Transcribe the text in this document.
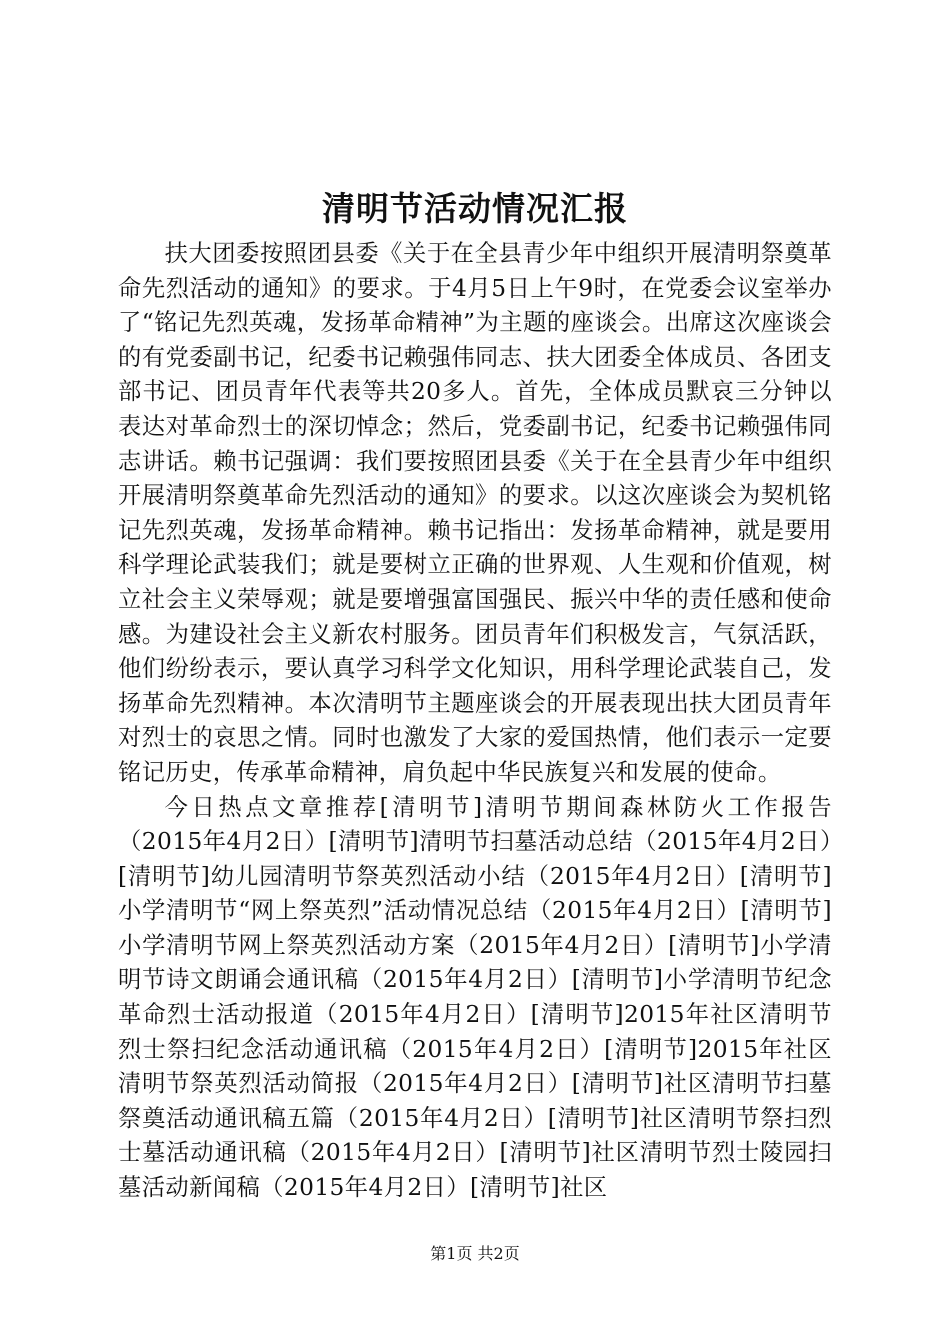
清明节活动情况汇报

扶大团委按照团县委《关于在全县青少年中组织开展清明祭奠革命先烈活动的通知》的要求。于4月5日上午9时，在党委会议室举办了“铭记先烈英魂，发扬革命精神”为主题的座谈会。出席这次座谈会的有党委副书记，纪委书记赖强伟同志、扶大团委全体成员、各团支部书记、团员青年代表等共20多人。首先，全体成员默哀三分钟以表达对革命烈士的深切悼念；然后，党委副书记，纪委书记赖强伟同志讲话。赖书记强调：我们要按照团县委《关于在全县青少年中组织开展清明祭奠革命先烈活动的通知》的要求。以这次座谈会为契机铭记先烈英魂，发扬革命精神。赖书记指出：发扬革命精神，就是要用科学理论武装我们；就是要树立正确的世界观、人生观和价值观，树立社会主义荣辱观；就是要增强富国强民、振兴中华的责任感和使命感。为建设社会主义新农村服务。团员青年们积极发言，气氛活跃，他们纷纷表示，要认真学习科学文化知识，用科学理论武装自己，发扬革命先烈精神。本次清明节主题座谈会的开展表现出扶大团员青年对烈士的哀思之情。同时也激发了大家的爱国热情，他们表示一定要铭记历史，传承革命精神，肩负起中华民族复兴和发展的使命。

今日热点文章推荐[清明节]清明节期间森林防火工作报告（2015年4月2日）[清明节]清明节扫墓活动总结（2015年4月2日）[清明节]幼儿园清明节祭英烈活动小结（2015年4月2日）[清明节]小学清明节“网上祭英烈”活动情况总结（2015年4月2日）[清明节]小学清明节网上祭英烈活动方案（2015年4月2日）[清明节]小学清明节诗文朗诵会通讯稿（2015年4月2日）[清明节]小学清明节纪念革命烈士活动报道（2015年4月2日）[清明节]2015年社区清明节烈士祭扫纪念活动通讯稿（2015年4月2日）[清明节]2015年社区清明节祭英烈活动简报（2015年4月2日）[清明节]社区清明节扫墓祭奠活动通讯稿五篇（2015年4月2日）[清明节]社区清明节祭扫烈士墓活动通讯稿（2015年4月2日）[清明节]社区清明节烈士陵园扫墓活动新闻稿（2015年4月2日）[清明节]社区

第1页 共2页
